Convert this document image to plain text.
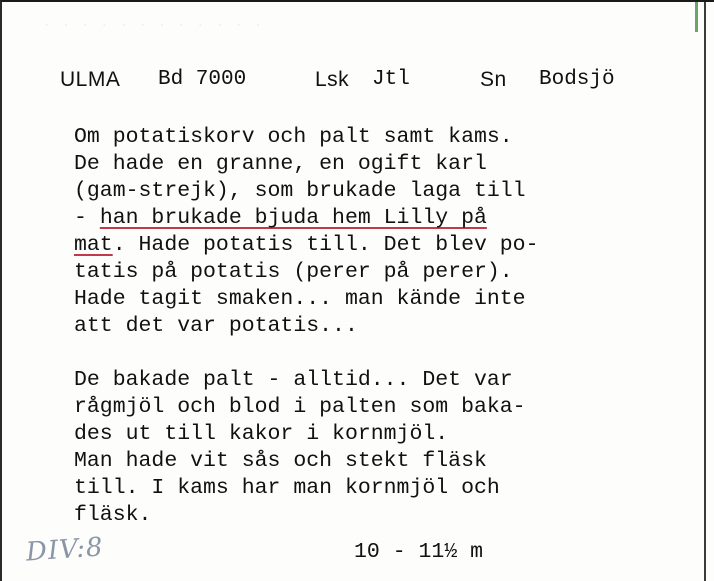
· · · · · · · · · · · ·
ULMA Bd 7000	Lsk Jtl	Sn Bodsjö
Om potatiskorv och palt samt kams.
De hade en granne, en ogift karl
(gam-strejk), som brukade laga till
- han brukade bjuda hem Lilly på
mat. Hade potatis till. Det blev po-
tatis på potatis (perer på perer).
Hade tagit smaken... man kände inte
att det var potatis...
De bakade palt - alltid... Det var
rågmjöl och blod i palten som baka-
des ut till kakor i kornmjöl.
Man hade vit sås och stekt fläsk
till. I kams har man kornmjöl och
fläsk.
DIV:8	10 - 11½ m
